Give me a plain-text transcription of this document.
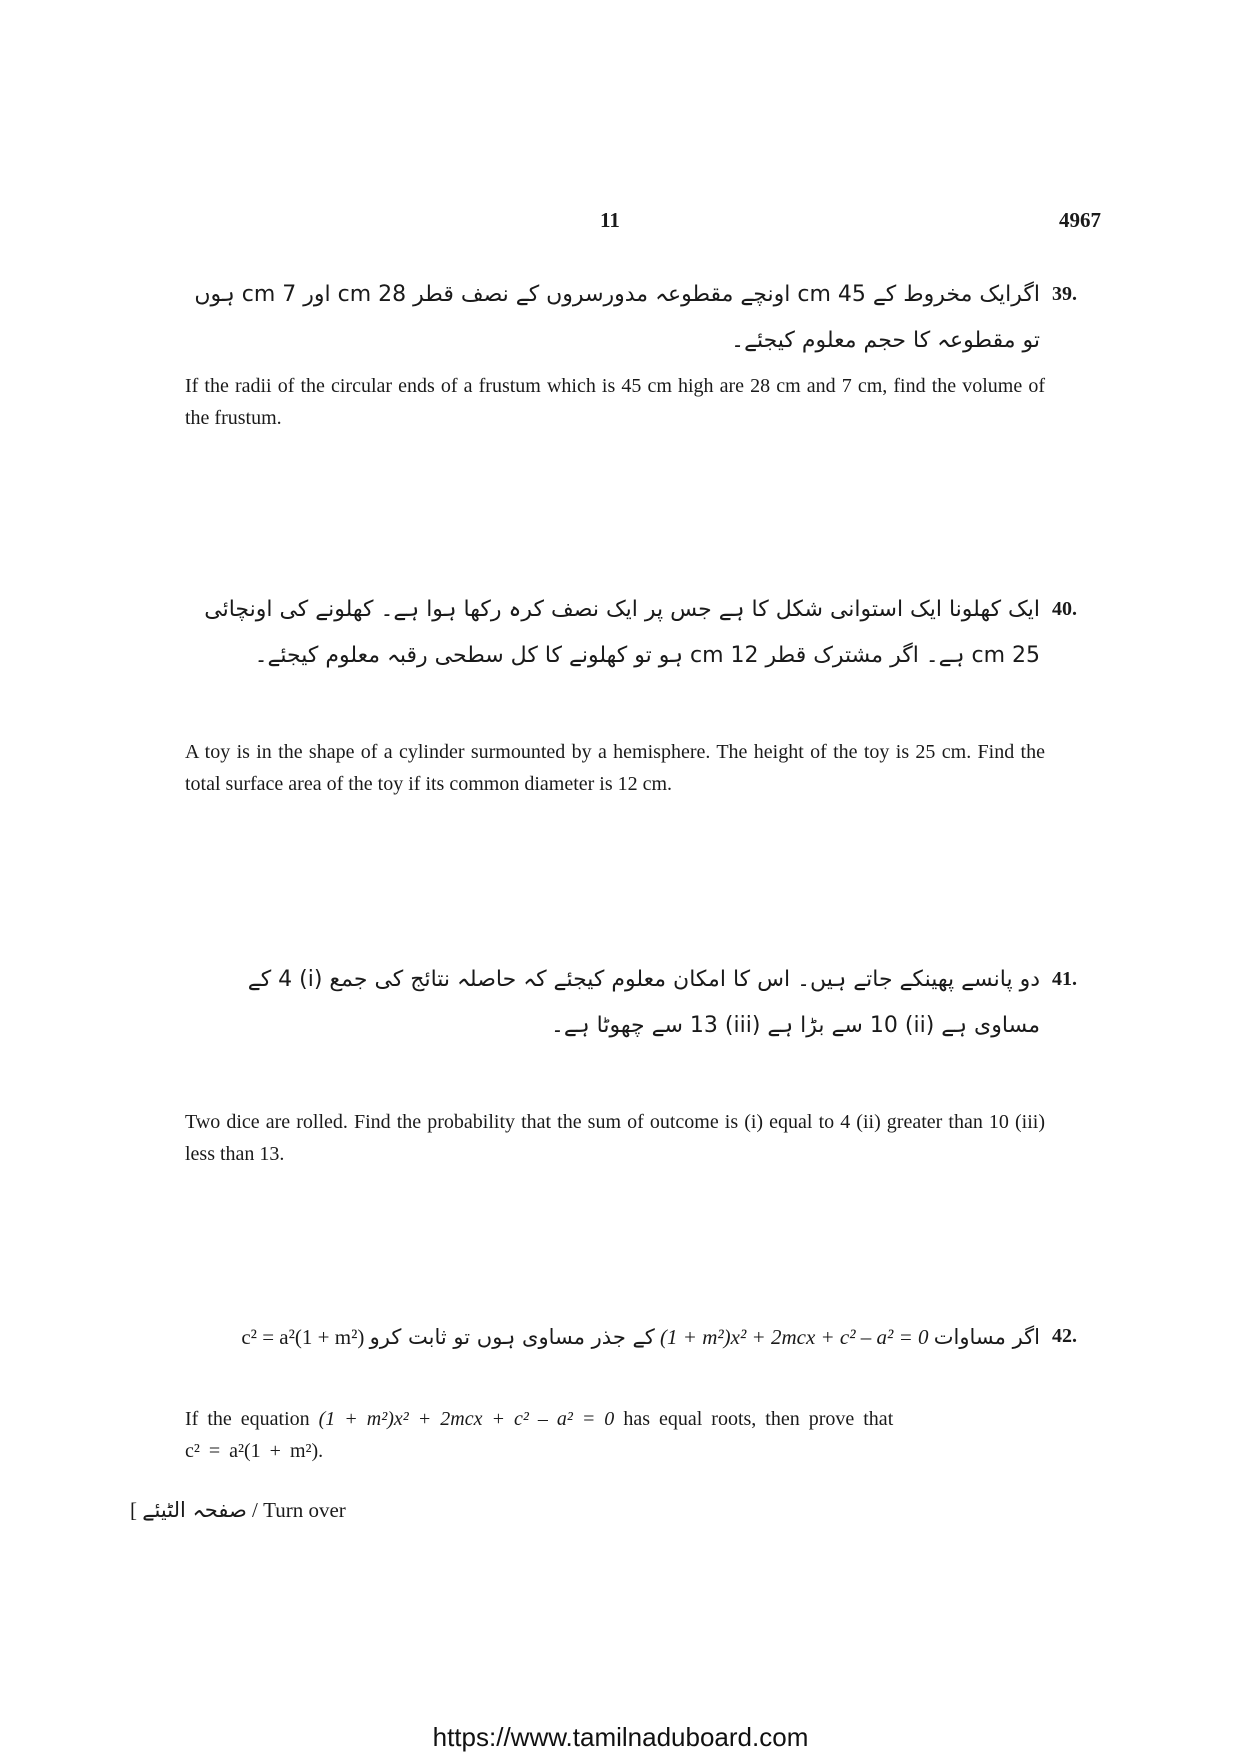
11	4967
39.
اگرایک مخروط کے 45 cm اونچے مقطوعہ مدورسروں کے نصف قطر 28 cm اور 7 cm ہوں تو مقطوعہ کا حجم معلوم کیجئے۔
If the radii of the circular ends of a frustum which is 45 cm high are 28 cm and 7 cm, find the volume of the frustum.
40.
ایک کھلونا ایک استوانی شکل کا ہے جس پر ایک نصف کرہ رکھا ہوا ہے۔ کھلونے کی اونچائی 25 cm ہے۔ اگر مشترک قطر 12 cm ہو تو کھلونے کا کل سطحی رقبہ معلوم کیجئے۔
A toy is in the shape of a cylinder surmounted by a hemisphere. The height of the toy is 25 cm. Find the total surface area of the toy if its common diameter is 12 cm.
41.
دو پانسے پھینکے جاتے ہیں۔ اس کا امکان معلوم کیجئے کہ حاصلہ نتائج کی جمع (i) 4 کے مساوی ہے (ii) 10 سے بڑا ہے (iii) 13 سے چھوٹا ہے۔
Two dice are rolled. Find the probability that the sum of outcome is (i) equal to 4 (ii) greater than 10 (iii) less than 13.
42.
c² = a²(1 + m²) کے جذر مساوی ہوں تو ثابت کرو (1 + m²)x² + 2mcx + c² – a² = 0 اگر مساوات
If the equation (1 + m²)x² + 2mcx + c² – a² = 0 has equal roots, then prove that
c² = a²(1 + m²).
[ صفحہ الٹیئے / Turn over
https://www.tamilnaduboard.com
